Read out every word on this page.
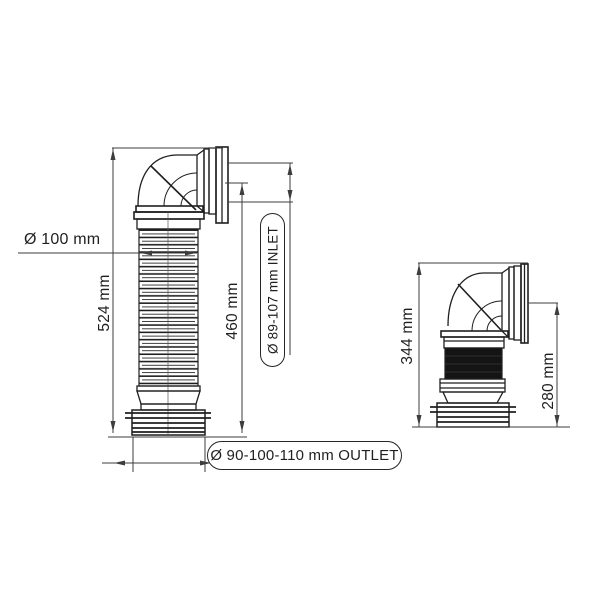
Ø 100 mm
524 mm	460 mm Ø 89-107 mm INLET
Ø 90-100-110 mm OUTLET
344 mm
280 mm
